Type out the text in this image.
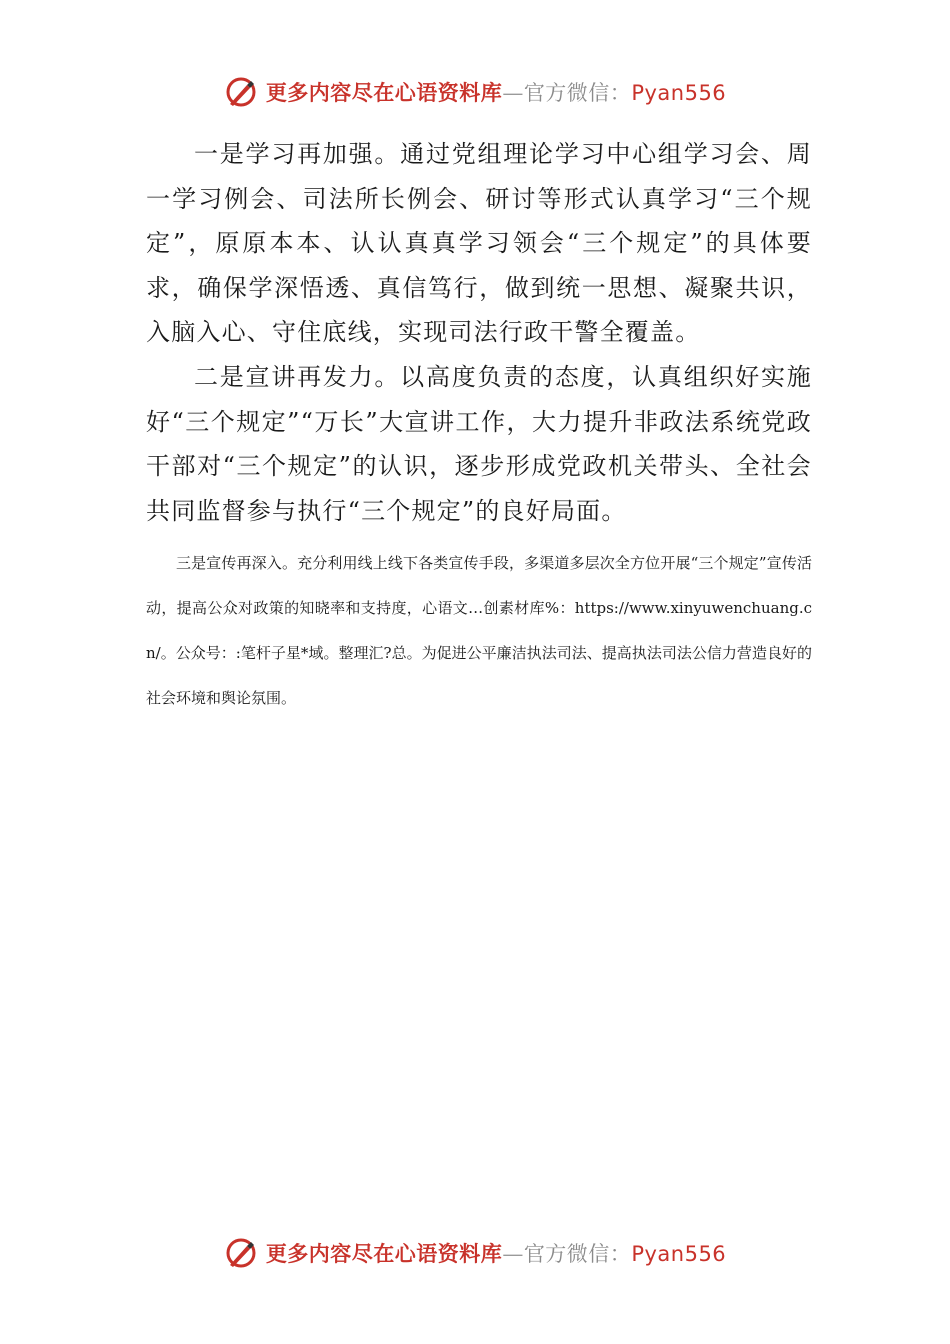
更多内容尽在心语资料库—官方微信：Pyan556

一是学习再加强。通过党组理论学习中心组学习会、周一学习例会、司法所长例会、研讨等形式认真学习“三个规定”，原原本本、认认真真学习领会“三个规定”的具体要求，确保学深悟透、真信笃行，做到统一思想、凝聚共识，入脑入心、守住底线，实现司法行政干警全覆盖。

二是宣讲再发力。以高度负责的态度，认真组织好实施好“三个规定”“万长”大宣讲工作，大力提升非政法系统党政干部对“三个规定”的认识，逐步形成党政机关带头、全社会共同监督参与执行“三个规定”的良好局面。

三是宣传再深入。充分利用线上线下各类宣传手段，多渠道多层次全方位开展“三个规定”宣传活动，提高公众对政策的知晓率和支持度，心语文…创素材库%：https://www.xinyuwenchuang.cn/。公众号：:笔杆子星*域。整理汇?总。为促进公平廉洁执法司法、提高执法司法公信力营造良好的社会环境和舆论氛围。

更多内容尽在心语资料库—官方微信：Pyan556
